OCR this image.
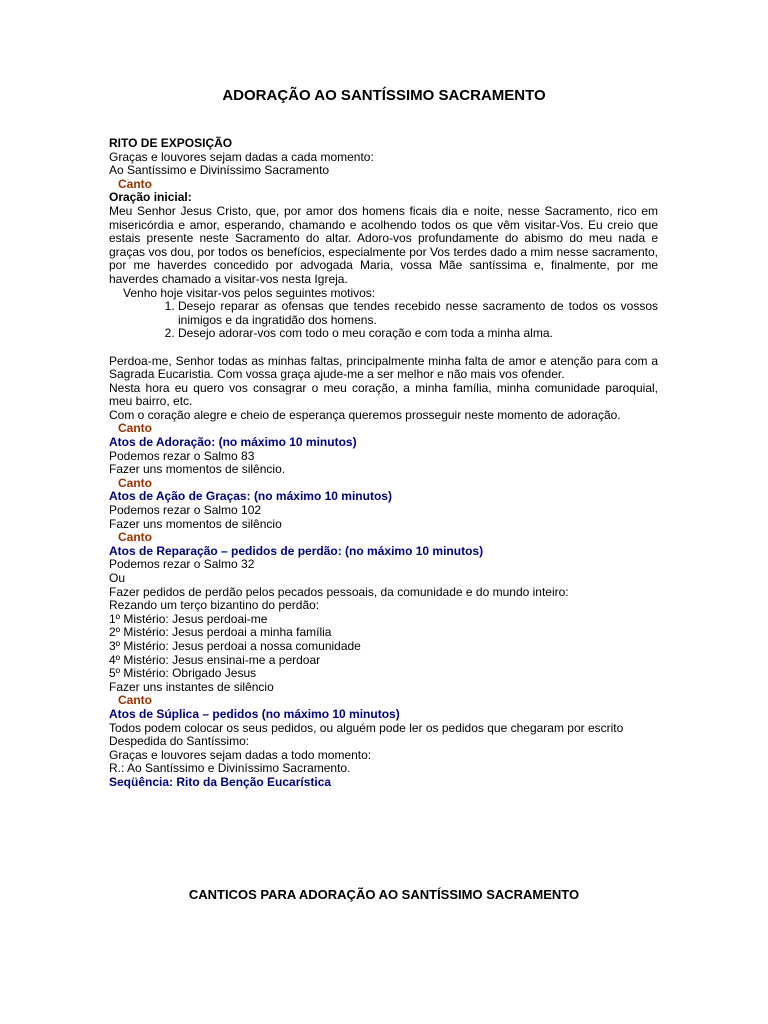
ADORAÇÃO AO SANTÍSSIMO SACRAMENTO

RITO DE EXPOSIÇÃO

Graças e louvores sejam dadas a cada momento:

Ao Santíssimo e Diviníssimo Sacramento

Canto

Oração inicial:

Meu Senhor Jesus Cristo, que, por amor dos homens ficais dia e noite, nesse Sacramento, rico em misericórdia e amor, esperando, chamando e acolhendo todos os que vêm visitar-Vos. Eu creio que estais presente neste Sacramento do altar. Adoro-vos profundamente do abismo do meu nada e graças vos dou, por todos os benefícios, especialmente por Vos terdes dado a mim nesse sacramento, por me haverdes concedido por advogada Maria, vossa Mãe santíssima e, finalmente, por me haverdes chamado a visitar-vos nesta Igreja.

Venho hoje visitar-vos pelos seguintes motivos:

1. Desejo reparar as ofensas que tendes recebido nesse sacramento de todos os vossos inimigos e da ingratidão dos homens.
2. Desejo adorar-vos com todo o meu coração e com toda a minha alma.

Perdoa-me, Senhor todas as minhas faltas, principalmente minha falta de amor e atenção para com a Sagrada Eucaristia. Com vossa graça ajude-me a ser melhor e não mais vos ofender.

Nesta hora eu quero vos consagrar o meu coração, a minha família, minha comunidade paroquial, meu bairro, etc.

Com o coração alegre e cheio de esperança queremos prosseguir neste momento de adoração.

Canto

Atos de Adoração: (no máximo 10 minutos)

Podemos rezar o Salmo 83

Fazer uns momentos de silêncio.

Canto

Atos de Ação de Graças: (no máximo 10 minutos)

Podemos rezar o Salmo 102

Fazer uns momentos de silêncio

Canto

Atos de Reparação – pedidos de perdão: (no máximo 10 minutos)

Podemos rezar o Salmo 32

Ou

Fazer pedidos de perdão pelos pecados pessoais, da comunidade e do mundo inteiro:

Rezando um terço bizantino do perdão:

1º Mistério: Jesus perdoai-me

2º Mistério: Jesus perdoai a minha família

3º Mistério: Jesus perdoai a nossa comunidade

4º Mistério: Jesus ensinai-me a perdoar

5º Mistério: Obrigado Jesus

Fazer uns instantes de silêncio

Canto

Atos de Súplica – pedidos (no máximo 10 minutos)

Todos podem colocar os seus pedidos, ou alguém pode ler os pedidos que chegaram por escrito

Despedida do Santíssimo:

Graças e louvores sejam dadas a todo momento:

R.: Ao Santíssimo e Diviníssimo Sacramento.

Seqüência: Rito da Benção Eucarística

CANTICOS PARA ADORAÇÃO AO SANTÍSSIMO SACRAMENTO
